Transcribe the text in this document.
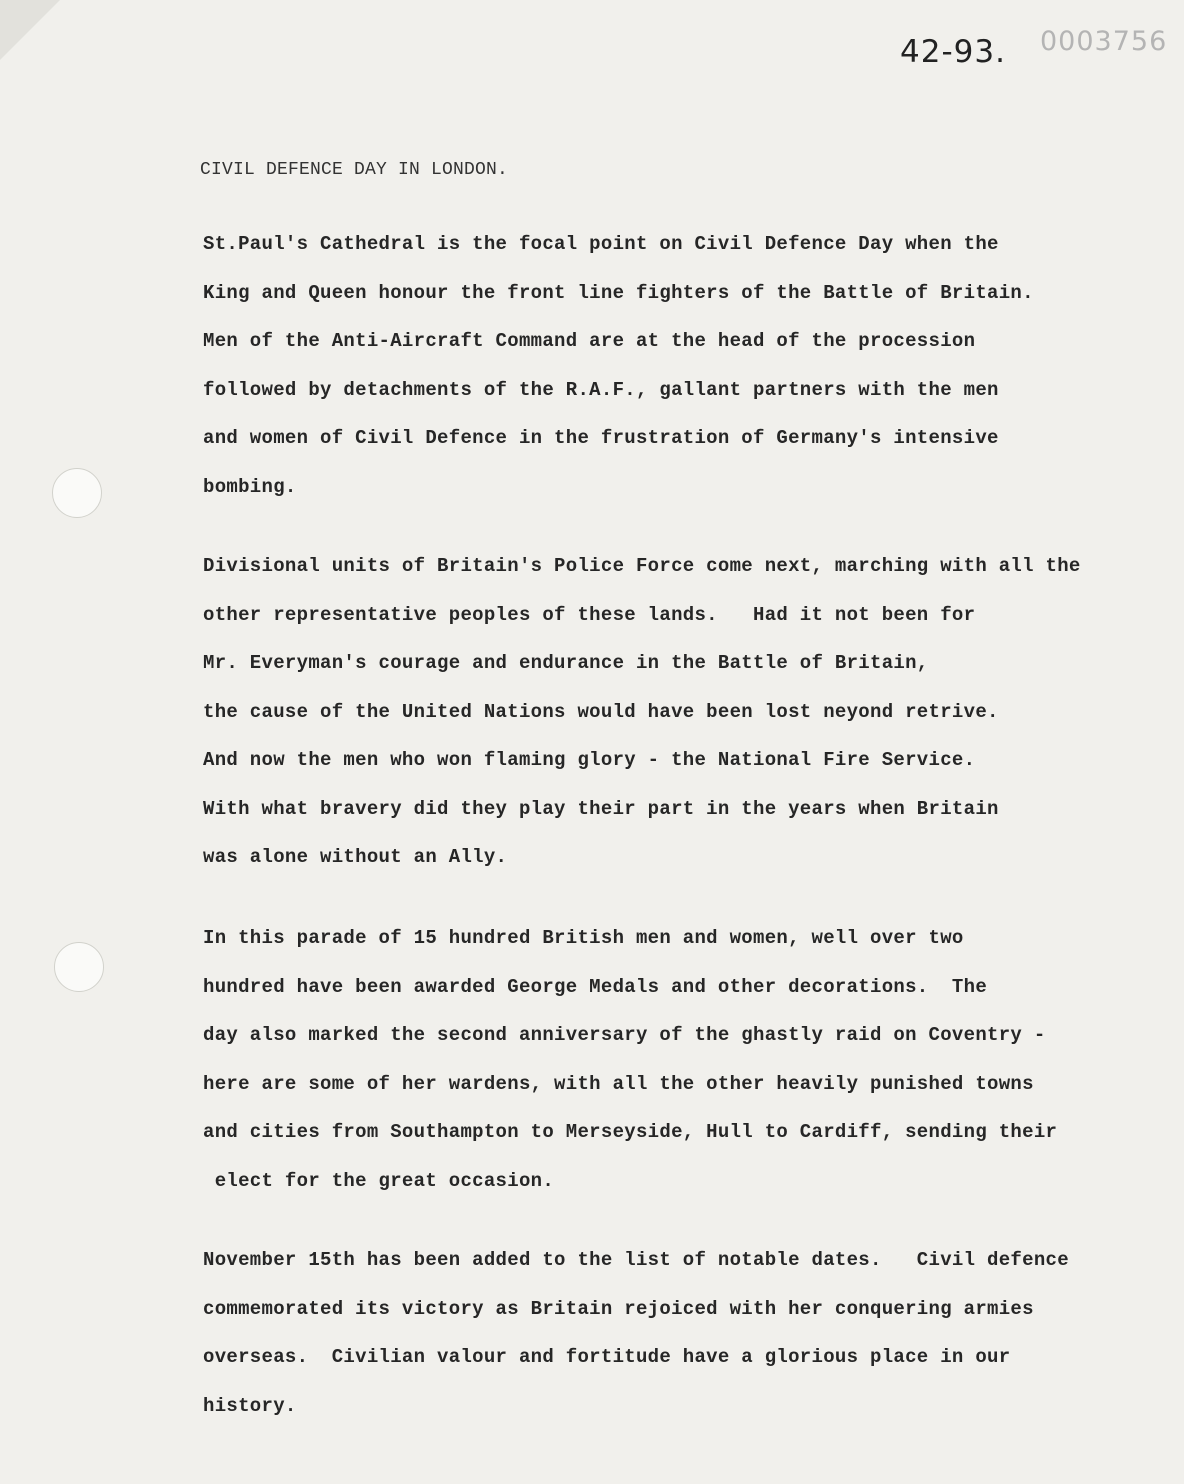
0003756
42-93.
CIVIL DEFENCE DAY IN LONDON.
St.Paul's Cathedral is the focal point on Civil Defence Day when the
King and Queen honour the front line fighters of the Battle of Britain.
Men of the Anti-Aircraft Command are at the head of the procession
followed by detachments of the R.A.F., gallant partners with the men
and women of Civil Defence in the frustration of Germany's intensive
bombing.
Divisional units of Britain's Police Force come next, marching with all the
other representative peoples of these lands.   Had it not been for
Mr. Everyman's courage and endurance in the Battle of Britain,
the cause of the United Nations would have been lost neyond retrive.
And now the men who won flaming glory - the National Fire Service.
With what bravery did they play their part in the years when Britain
was alone without an Ally.
In this parade of 15 hundred British men and women, well over two
hundred have been awarded George Medals and other decorations.  The
day also marked the second anniversary of the ghastly raid on Coventry -
here are some of her wardens, with all the other heavily punished towns
and cities from Southampton to Merseyside, Hull to Cardiff, sending their
elect for the great occasion.
November 15th has been added to the list of notable dates.   Civil defence
commemorated its victory as Britain rejoiced with her conquering armies
overseas.  Civilian valour and fortitude have a glorious place in our
history.
